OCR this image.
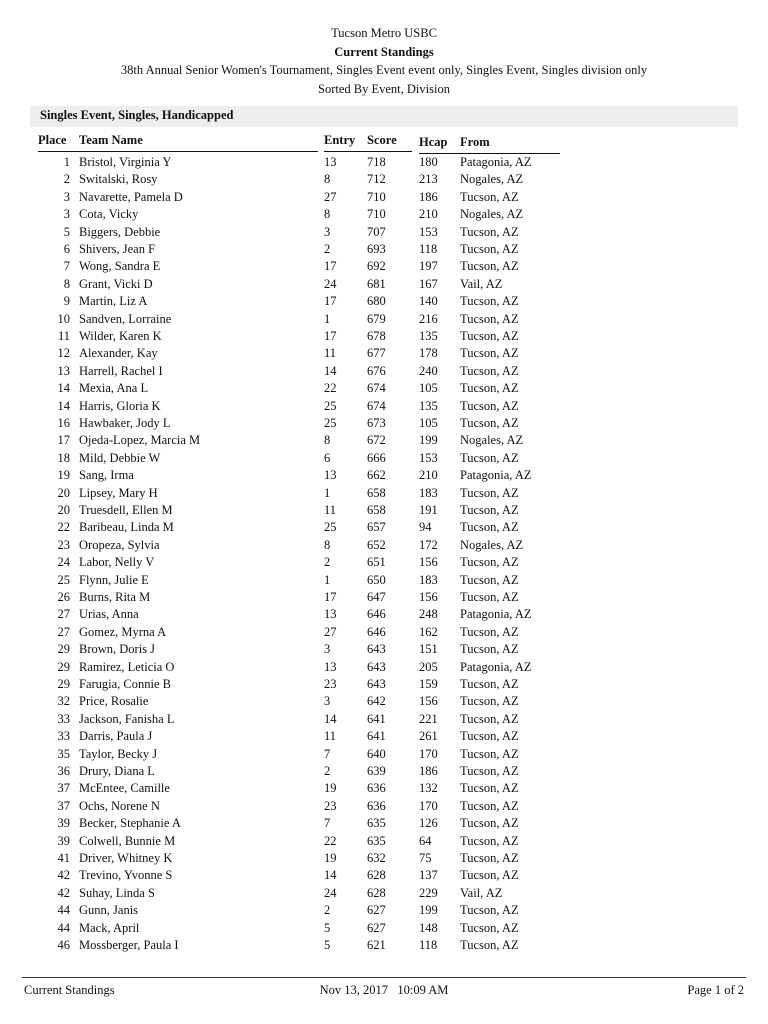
Tucson Metro USBC
Current Standings
38th Annual Senior Women's Tournament, Singles Event event only, Singles Event, Singles division only
Sorted By Event, Division
Singles Event, Singles, Handicapped
Place Team Name	Entry Score Hcap From
1 Bristol, Virginia Y	13 718	180 Patagonia, AZ
2 Switalski, Rosy	8	712	213 Nogales, AZ
3 Navarette, Pamela D	27 710	186 Tucson, AZ
3 Cota, Vicky	8	710	210 Nogales, AZ
5 Biggers, Debbie	3	707	153 Tucson, AZ
6 Shivers, Jean F	2	693	118 Tucson, AZ
7 Wong, Sandra E	17 692	197 Tucson, AZ
8 Grant, Vicki D	24 681	167 Vail, AZ
9 Martin, Liz A	17 680	140 Tucson, AZ
10 Sandven, Lorraine	1	679	216 Tucson, AZ
11 Wilder, Karen K	17 678	135 Tucson, AZ
12 Alexander, Kay	11 677	178 Tucson, AZ
13 Harrell, Rachel I	14 676	240 Tucson, AZ
14 Mexia, Ana L	22 674	105 Tucson, AZ
14 Harris, Gloria K	25 674	135 Tucson, AZ
16 Hawbaker, Jody L	25 673	105 Tucson, AZ
17 Ojeda-Lopez, Marcia M	8	672	199 Nogales, AZ
18 Mild, Debbie W	6	666	153 Tucson, AZ
19 Sang, Irma	13 662	210 Patagonia, AZ
20 Lipsey, Mary H	1	658	183 Tucson, AZ
20 Truesdell, Ellen M	11 658	191 Tucson, AZ
22 Baribeau, Linda M	25 657	94 Tucson, AZ
23 Oropeza, Sylvia	8	652	172 Nogales, AZ
24 Labor, Nelly V	2	651	156 Tucson, AZ
25 Flynn, Julie E	1	650	183 Tucson, AZ
26 Burns, Rita M	17 647	156 Tucson, AZ
27 Urias, Anna	13 646	248 Patagonia, AZ
27 Gomez, Myrna A	27 646	162 Tucson, AZ
29 Brown, Doris J	3	643	151 Tucson, AZ
29 Ramirez, Leticia O	13 643	205 Patagonia, AZ
29 Farugia, Connie B	23 643	159 Tucson, AZ
32 Price, Rosalie	3	642	156 Tucson, AZ
33 Jackson, Fanisha L	14 641	221 Tucson, AZ
33 Darris, Paula J	11 641	261 Tucson, AZ
35 Taylor, Becky J	7	640	170 Tucson, AZ
36 Drury, Diana L	2	639	186 Tucson, AZ
37 McEntee, Camille	19 636	132 Tucson, AZ
37 Ochs, Norene N	23 636	170 Tucson, AZ
39 Becker, Stephanie A	7	635	126 Tucson, AZ
39 Colwell, Bunnie M	22 635	64 Tucson, AZ
41 Driver, Whitney K	19 632	75 Tucson, AZ
42 Trevino, Yvonne S	14 628	137 Tucson, AZ
42 Suhay, Linda S	24 628	229 Vail, AZ
44 Gunn, Janis	2	627	199 Tucson, AZ
44 Mack, April	5	627	148 Tucson, AZ
46 Mossberger, Paula I	5	621	118 Tucson, AZ
Current Standings	Nov 13, 2017   10:09 AM	Page 1 of 2
